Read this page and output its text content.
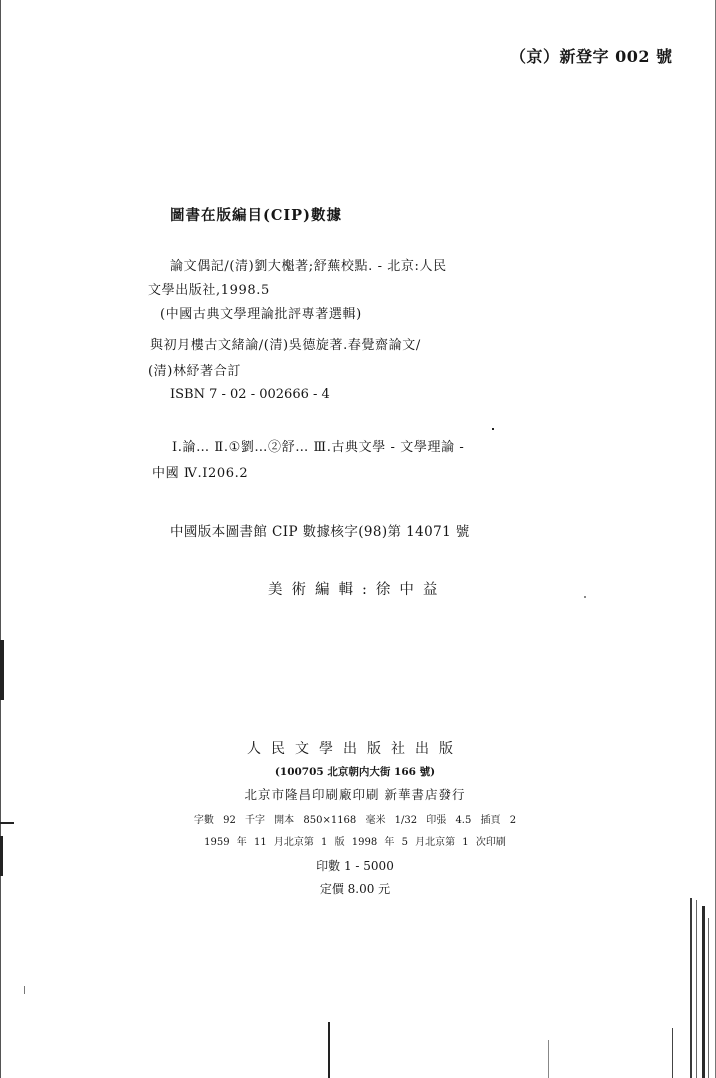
（京）新登字 002 號
圖書在版編目(CIP)數據
論文偶記/(清)劉大櫆著;舒蕪校點. - 北京:人民
文學出版社,1998.5
(中國古典文學理論批評專著選輯)
與初月樓古文緒論/(清)吳德旋著.春覺齋論文/
(清)林紓著合訂
ISBN 7 - 02 - 002666 - 4
Ⅰ.論… Ⅱ.①劉…②舒… Ⅲ.古典文學 - 文學理論 -
中國 Ⅳ.I206.2
中國版本圖書館 CIP 數據核字(98)第 14071 號
美術編輯:徐中益
人民文學出版社出版
(100705 北京朝内大街 166 號)
北京市隆昌印刷廠印刷 新華書店發行
字數 92 千字 開本 850×1168 毫米 1/32 印張 4.5 插頁 2
1959 年 11 月北京第 1 版 1998 年 5 月北京第 1 次印刷
印數 1 - 5000
定價 8.00 元
